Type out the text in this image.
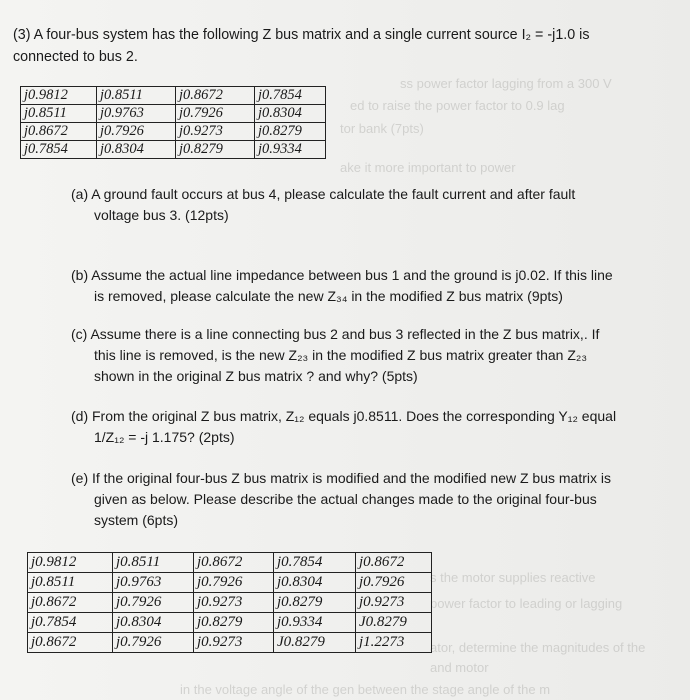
ss power factor lagging from a 300 V
ed to raise the power factor to 0.9 lag
tor bank (7pts)
ake it more important to power
s the motor supplies reactive
power factor to leading or lagging
ator, determine the magnitudes of the
and motor
in the voltage angle of the gen between the stage angle of the m
(3) A four-bus system has the following Z bus matrix and a single current source I₂ = -j1.0 is
connected to bus 2.
j0.9812	j0.8511	j0.8672	j0.7854
j0.8511	j0.9763	j0.7926	j0.8304
j0.8672	j0.7926	j0.9273	j0.8279
j0.7854	j0.8304	j0.8279	j0.9334
(a) A ground fault occurs at bus 4, please calculate the fault current and after fault
voltage bus 3. (12pts)
(b) Assume the actual line impedance between bus 1 and the ground is j0.02. If this line
is removed, please calculate the new Z₃₄ in the modified Z bus matrix (9pts)
(c) Assume there is a line connecting bus 2 and bus 3 reflected in the Z bus matrix,. If
this line is removed, is the new Z₂₃ in the modified Z bus matrix greater than Z₂₃
shown in the original Z bus matrix ? and why? (5pts)
(d) From the original Z bus matrix, Z₁₂ equals j0.8511. Does the corresponding Y₁₂ equal
1/Z₁₂ = -j 1.175? (2pts)
(e) If the original four-bus Z bus matrix is modified and the modified new Z bus matrix is
given as below. Please describe the actual changes made to the original four-bus
system (6pts)
j0.9812	j0.8511	j0.8672	j0.7854	j0.8672
j0.8511	j0.9763	j0.7926	j0.8304	j0.7926
j0.8672	j0.7926	j0.9273	j0.8279	j0.9273
j0.7854	j0.8304	j0.8279	j0.9334	J0.8279
j0.8672	j0.7926	j0.9273	J0.8279	j1.2273
